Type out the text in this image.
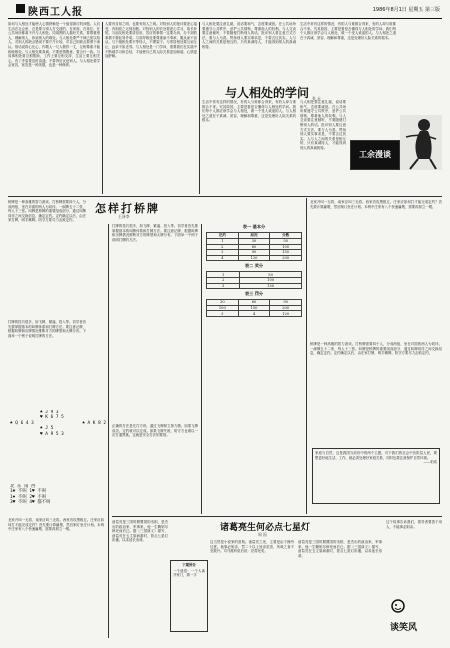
陕西工人报	1986年8月1日 星期五 第三版
如何与人相处才能使人心情舒畅是一个值得探讨的问题。人们生活在社会里，总是要与别人打交道的，在家庭、在单位、在公共场所都离不开与人相处。同周围的人搞好关系，要尊重别人，理解别人，体谅别人的难处。与人相处要严于律己宽以待人，对别人的缺点错误不要斤斤计较，对自己的缺点要勇于承认。俗话说将心比心，你敬人一尺人敬你一丈，互相尊重才能和睦相处。与人相处要真诚，不要虚情假意，要言行一致。与同事相处要互相帮助，工作上要互相支持，生活上要互相关心，有了矛盾要及时沟通，不要背后议论别人。与人相处要学会宽容，宽容是一种美德，也是一种修养。
人要有自知之明，也要有知人之明。对待别人的批评要虚心接受，有则改之无则加勉。对待别人的长处要虚心学习，取长补短。与朋友相处要讲信用，答应的事情一定要办到，办不到的事情不要轻易许诺。与领导相处要尊重而不奉承，服从而不盲从。与下级相处要平等待人，不摆架子。与邻居相处要互谅互让，远亲不如近邻。与人相处是一门学问，需要我们在实践中不断地学习和总结，才能使自己的人际关系更加和谐，心情更加舒畅。
与人相处要注意礼貌，说话要和气，态度要诚恳。在公共场所要遵守公共秩序，爱护公共财物，尊重他人的权利。与人交谈要注意倾听，不要随便打断别人的话。批评别人要注意方式方法，要与人为善。赞扬别人要实事求是，不要言过其实。人与人之间的关系是相互的，只有真诚待人，才能得到别人的真诚相待。
生活中常有这样的情况，有的人与谁都合得来，有的人却与谁都合不来。究其原因，主要是看是否懂得与人相处的学问。我们每个人都应该学会与人相处，做一个受人欢迎的人。与人相处之道在于真诚、宽容、理解和尊重，这是处理好人际关系的根本。
与人相处的学问 张 永
生活中常有这样的情况，有的人与谁都合得来，有的人却与谁都合不来。究其原因，主要是看是否懂得与人相处的学问。我们每个人都应该学会与人相处，做一个受人欢迎的人。与人相处之道在于真诚、宽容、理解和尊重，这是处理好人际关系的根本。
工余漫谈
与人相处要注意礼貌，说话要和气，态度要诚恳。在公共场所要遵守公共秩序，爱护公共财物，尊重他人的权利。与人交谈要注意倾听，不要随便打断别人的话。批评别人要注意方式方法，要与人为善。赞扬别人要实事求是，不要言过其实。人与人之间的关系是相互的，只有真诚待人，才能得到别人的真诚相待。
怎样打桥牌
王泽李
桥牌是一种高雅的智力游戏。打桥牌需要四个人，分成两组，坐在对面的两人为同伴。一副牌五十二张，每人十三张。叫牌是桥牌的重要组成部分，通过叫牌同伴之间交换信息，确定定约。定约确定以后，由庄家打牌，明手摊牌。防守方要尽力击败定约。
打牌的技巧很多，如飞牌、紧逼、投入等。初学者首先要掌握基本的叫牌体系和打牌方法。要注意记牌，根据叫牌和出牌情况推断对方的牌型和大牌分布。下面举一个例子说明打牌的方法。
♠ J 9 3
♥ K 6 7 5
♠ Q 6 4 3	♠ A K 8 2
♠ J 5
♥ A 9 5 3
北 东 南 西
1♣ 不叫 1♥ 不叫
1♠ 不叫 2♥ 不叫
3♥ 不叫 4♥ 都不叫
北家开叫一无将，南家应叫三无将。西家首攻黑桃五。庄家应如何打才能完成定约？首先要计算赢墩，然后制订坐庄计划。本例中庄家有八个快速赢墩，需要再树立一墩。
打牌的技巧很多，如飞牌、紧逼、投入等。初学者首先要掌握基本的叫牌体系和打牌方法。要注意记牌，根据叫牌和出牌情况推断对方的牌型和大牌分布。下面举一个例子说明打牌的方法。
正确的打法是先打方块，通过飞牌树立第九墩。如果飞牌成功，定约就可以完成。如果飞牌失败，防守方也难以一次打通黑桃。这就是安全打法的要领。
表一 基本分
定约	局况	分数
1	30	50
2	60	100
3	90	150
4	120	200
表二 奖分
1	50
2	100
3	150
表三 罚分
30	60	90
100	150	200
3	4	120
北家开叫一无将，南家应叫三无将。西家首攻黑桃五。庄家应如何打才能完成定约？首先要计算赢墩，然后制订坐庄计划。本例中庄家有八个快速赢墩，需要再树立一墩。
桥牌是一种高雅的智力游戏。打桥牌需要四个人，分成两组，坐在对面的两人为同伴。一副牌五十二张，每人十三张。叫牌是桥牌的重要组成部分，通过叫牌同伴之间交换信息，确定定约。定约确定以后，由庄家打牌，明手摊牌。防守方要尽力击败定约。
家庭与自然，这是我国当前仍中的两个主题。对于我们的社会中各阶层人民，要想更好地生活、工作，就必须处理好家庭关系，同时也要注意保护自然环境。
——柏希
诸葛亮生何必点七星灯
周 国
诸葛亮是三国时期蜀国的丞相，是杰出的政治家、军事家。他一生鞠躬尽瘁死而后已。据《三国演义》描写，诸葛亮在五丈原病重时，曾点七星灯祈禳，以求延长寿命。
下期预告
一个谜语：一个人离开家门，猜一字
这当然是小说家的虚构。诸葛亮之死，主要是由于操劳过度。他事必躬亲，罚二十以上皆亲览焉，所啖之食不至数升。司马懿听说后说：亮将死矣。
诸葛亮是三国时期蜀国的丞相，是杰出的政治家、军事家。他一生鞠躬尽瘁死而后已。据《三国演义》描写，诸葛亮在五丈原病重时，曾点七星灯祈禳，以求延长寿命。
这个故事告诉我们，领导者要善于用人，不能事必躬亲。
谈笑风
